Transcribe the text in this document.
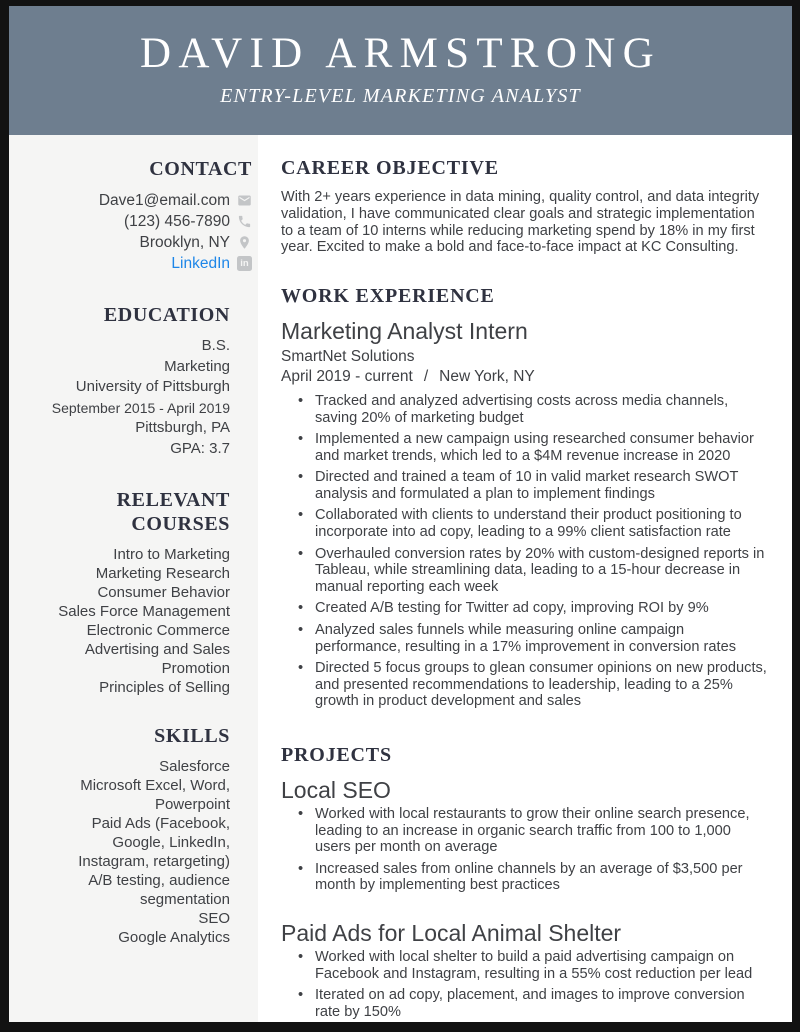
DAVID ARMSTRONG
ENTRY-LEVEL MARKETING ANALYST
CONTACT
Dave1@email.com
(123) 456-7890
Brooklyn, NY
LinkedIn	in
EDUCATION
B.S.
Marketing
University of Pittsburgh
September 2015 - April 2019
Pittsburgh, PA
GPA: 3.7
RELEVANT COURSES
Intro to Marketing
Marketing Research
Consumer Behavior
Sales Force Management
Electronic Commerce
Advertising and Sales Promotion
Principles of Selling
SKILLS
Salesforce
Microsoft Excel, Word, Powerpoint
Paid Ads (Facebook, Google, LinkedIn, Instagram, retargeting)
A/B testing, audience segmentation
SEO
Google Analytics
CAREER OBJECTIVE
With 2+ years experience in data mining, quality control, and data integrity validation, I have communicated clear goals and strategic implementation to a team of 10 interns while reducing marketing spend by 18% in my first year. Excited to make a bold and face-to-face impact at KC Consulting.
WORK EXPERIENCE
Marketing Analyst Intern
SmartNet Solutions
April 2019 - current / New York, NY
• Tracked and analyzed advertising costs across media channels, saving 20% of marketing budget
• Implemented a new campaign using researched consumer behavior and market trends, which led to a $4M revenue increase in 2020
• Directed and trained a team of 10 in valid market research SWOT analysis and formulated a plan to implement findings
• Collaborated with clients to understand their product positioning to incorporate into ad copy, leading to a 99% client satisfaction rate
• Overhauled conversion rates by 20% with custom-designed reports in Tableau, while streamlining data, leading to a 15-hour decrease in manual reporting each week
• Created A/B testing for Twitter ad copy, improving ROI by 9%
• Analyzed sales funnels while measuring online campaign performance, resulting in a 17% improvement in conversion rates
• Directed 5 focus groups to glean consumer opinions on new products, and presented recommendations to leadership, leading to a 25% growth in product development and sales
PROJECTS
Local SEO
• Worked with local restaurants to grow their online search presence, leading to an increase in organic search traffic from 100 to 1,000 users per month on average
• Increased sales from online channels by an average of $3,500 per month by implementing best practices
Paid Ads for Local Animal Shelter
• Worked with local shelter to build a paid advertising campaign on Facebook and Instagram, resulting in a 55% cost reduction per lead
• Iterated on ad copy, placement, and images to improve conversion rate by 150%
